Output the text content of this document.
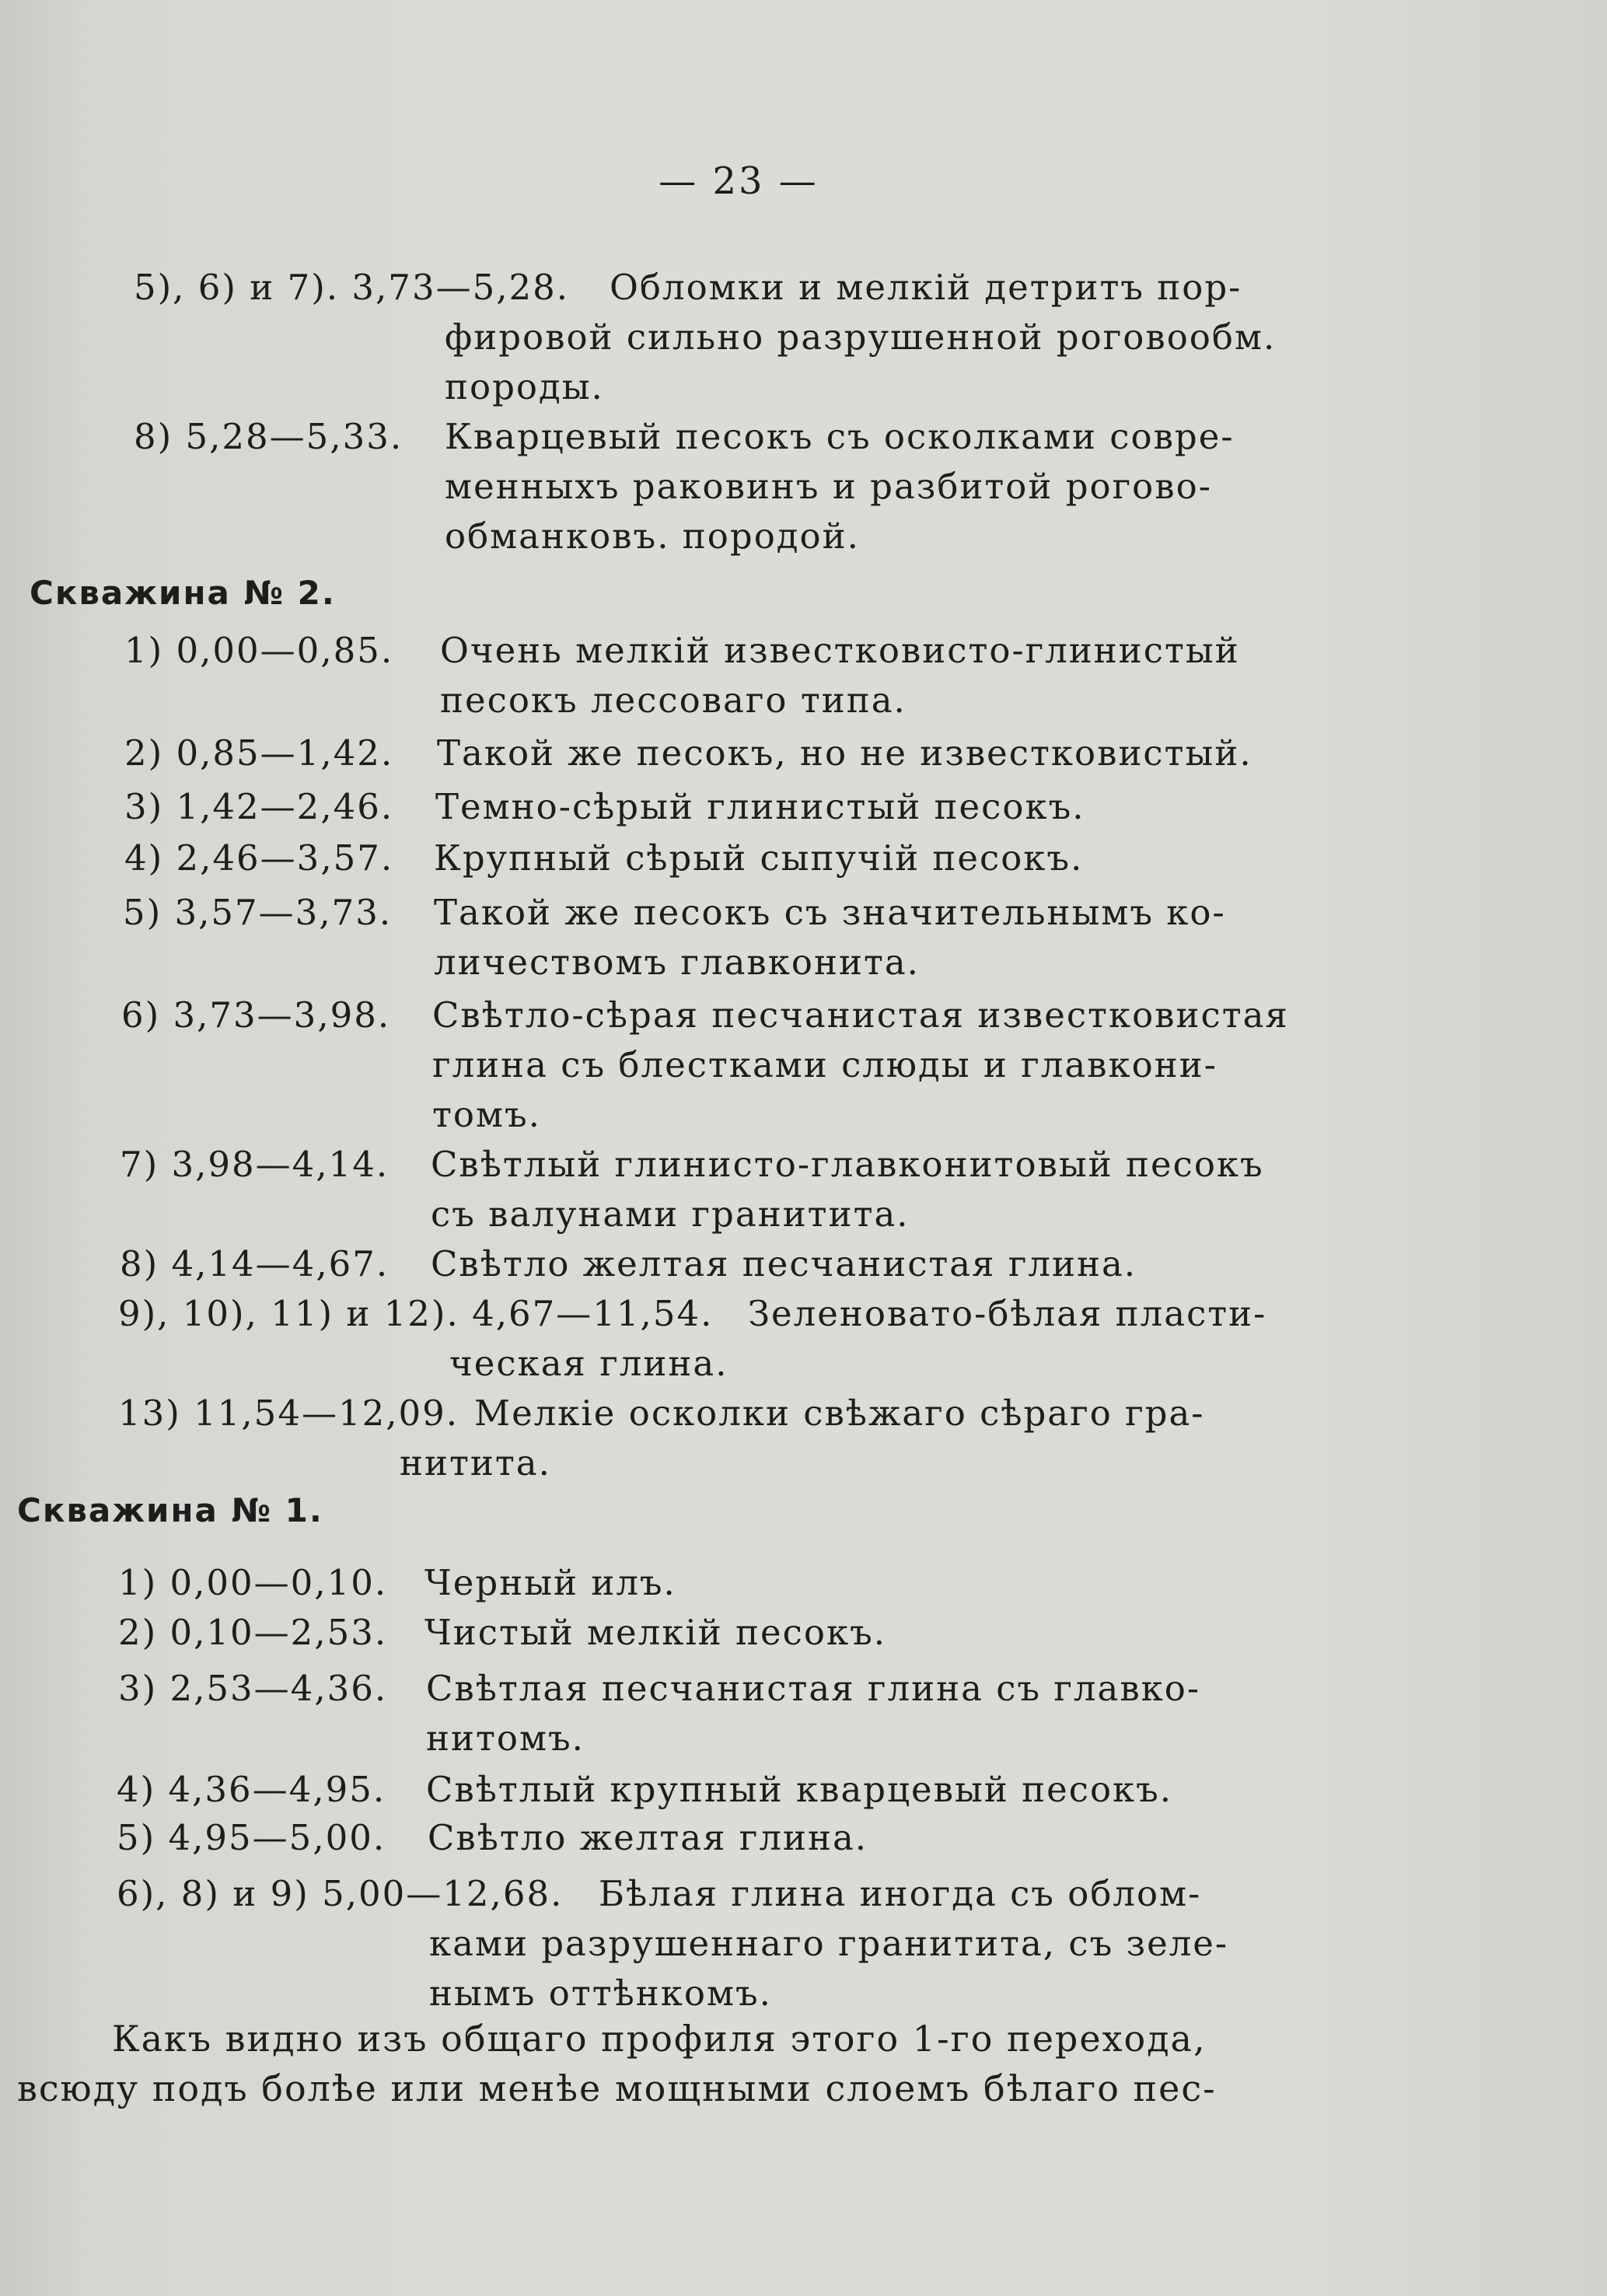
— 23 —
5), 6) и 7). 3,73—5,28. Обломки и мелкiй детритъ пор-
фировой сильно разрушенной роговообм.
породы.
8) 5,28—5,33. Кварцевый песокъ съ осколками совре-
менныхъ раковинъ и разбитой рогово-
обманковъ. породой.
Скважина № 2.
1) 0,00—0,85. Очень мелкiй известковисто-глинистый
песокъ лессоваго типа.
2) 0,85—1,42. Такой же песокъ, но не известковистый.
3) 1,42—2,46. Темно-сѣрый глинистый песокъ.
4) 2,46—3,57. Крупный сѣрый сыпучiй песокъ.
5) 3,57—3,73. Такой же песокъ съ значительнымъ ко-
личествомъ главконита.
6) 3,73—3,98. Свѣтло-сѣрая песчанистая известковистая
глина съ блестками слюды и главкони-
томъ.
7) 3,98—4,14. Свѣтлый глинисто-главконитовый песокъ
съ валунами гранитита.
8) 4,14—4,67. Свѣтло желтая песчанистая глина.
9), 10), 11) и 12). 4,67—11,54. Зеленовато-бѣлая пласти-
ческая глина.
13) 11,54—12,09. Мелкiе осколки свѣжаго сѣраго гра-
нитита.
Скважина № 1.
1) 0,00—0,10. Черный илъ.
2) 0,10—2,53. Чистый мелкiй песокъ.
3) 2,53—4,36. Свѣтлая песчанистая глина съ главко-
нитомъ.
4) 4,36—4,95. Свѣтлый крупный кварцевый песокъ.
5) 4,95—5,00. Свѣтло желтая глина.
6), 8) и 9) 5,00—12,68. Бѣлая глина иногда съ облом-
ками разрушеннаго гранитита, съ зеле-
нымъ оттѣнкомъ.
Какъ видно изъ общаго профиля этого 1-го перехода,
всюду подъ болѣе или менѣе мощными слоемъ бѣлаго пес-
